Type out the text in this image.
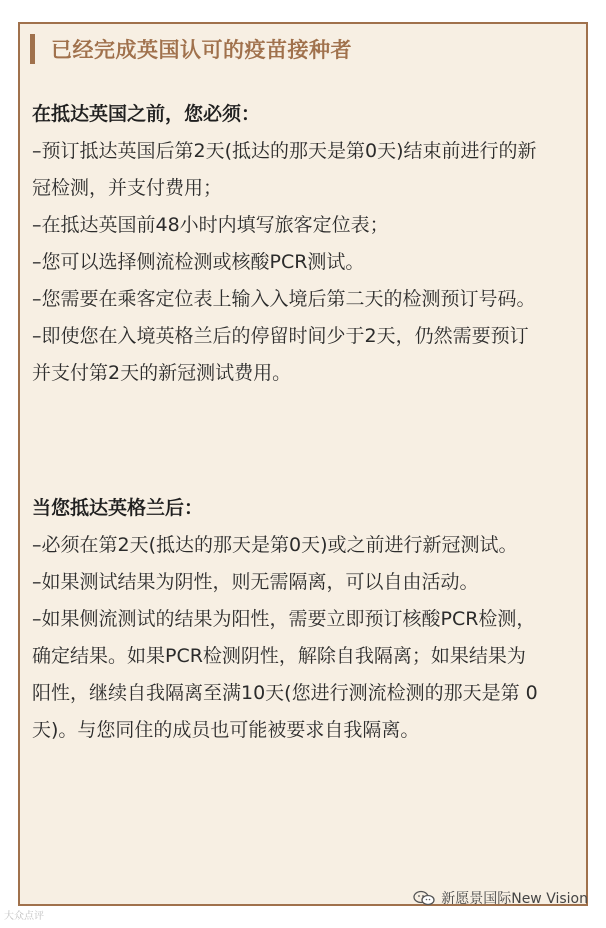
已经完成英国认可的疫苗接种者
在抵达英国之前，您必须：

–预订抵达英国后第2天(抵达的那天是第0天)结束前进行的新冠检测，并支付费用；

–在抵达英国前48小时内填写旅客定位表；

–您可以选择侧流检测或核酸PCR测试。

–您需要在乘客定位表上输入入境后第二天的检测预订号码。

–即使您在入境英格兰后的停留时间少于2天，仍然需要预订并支付第2天的新冠测试费用。

当您抵达英格兰后：

–必须在第2天(抵达的那天是第0天)或之前进行新冠测试。

–如果测试结果为阴性，则无需隔离，可以自由活动。

–如果侧流测试的结果为阳性，需要立即预订核酸PCR检测，确定结果。如果PCR检测阴性，解除自我隔离；如果结果为阳性，继续自我隔离至满10天(您进行测流检测的那天是第 0 天)。与您同住的成员也可能被要求自我隔离。

大众点评
新愿景国际New Vision
